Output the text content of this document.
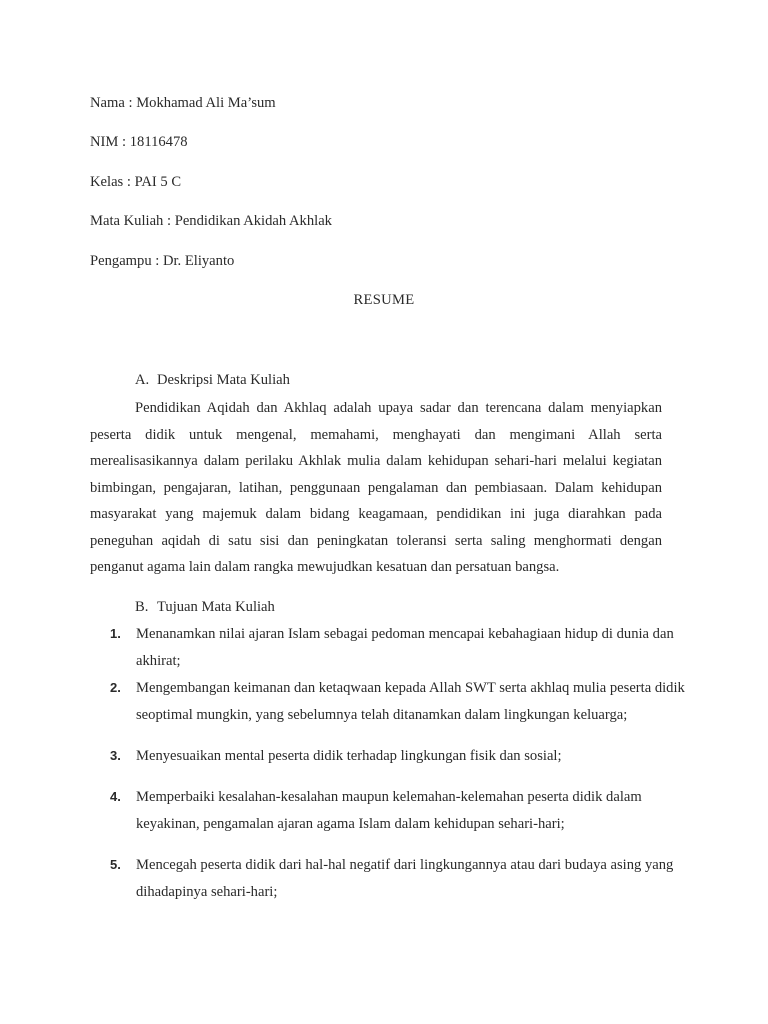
Nama : Mokhamad Ali Ma’sum
NIM : 18116478
Kelas : PAI 5 C
Mata Kuliah : Pendidikan Akidah Akhlak
Pengampu : Dr. Eliyanto
RESUME
A. Deskripsi Mata Kuliah

Pendidikan Aqidah dan Akhlaq adalah upaya sadar dan terencana dalam menyiapkan peserta didik untuk mengenal, memahami, menghayati dan mengimani Allah serta merealisasikannya dalam perilaku Akhlak mulia dalam kehidupan sehari-hari melalui kegiatan bimbingan, pengajaran, latihan, penggunaan pengalaman dan pembiasaan. Dalam kehidupan masyarakat yang majemuk dalam bidang keagamaan, pendidikan ini juga diarahkan pada peneguhan aqidah di satu sisi dan peningkatan toleransi serta saling menghormati dengan penganut agama lain dalam rangka mewujudkan kesatuan dan persatuan bangsa.

B. Tujuan Mata Kuliah
1.	Menanamkan nilai ajaran Islam sebagai pedoman mencapai kebahagiaan hidup di dunia dan akhirat;

2.	Mengembangan keimanan dan ketaqwaan kepada Allah SWT serta akhlaq mulia peserta didik seoptimal mungkin, yang sebelumnya telah ditanamkan dalam lingkungan keluarga;

3.	Menyesuaikan mental peserta didik terhadap lingkungan fisik dan sosial;

4.	Memperbaiki kesalahan-kesalahan maupun kelemahan-kelemahan peserta didik dalam keyakinan, pengamalan ajaran agama Islam dalam kehidupan sehari-hari;

5.	Mencegah peserta didik dari hal-hal negatif dari lingkungannya atau dari budaya asing yang dihadapinya sehari-hari;
